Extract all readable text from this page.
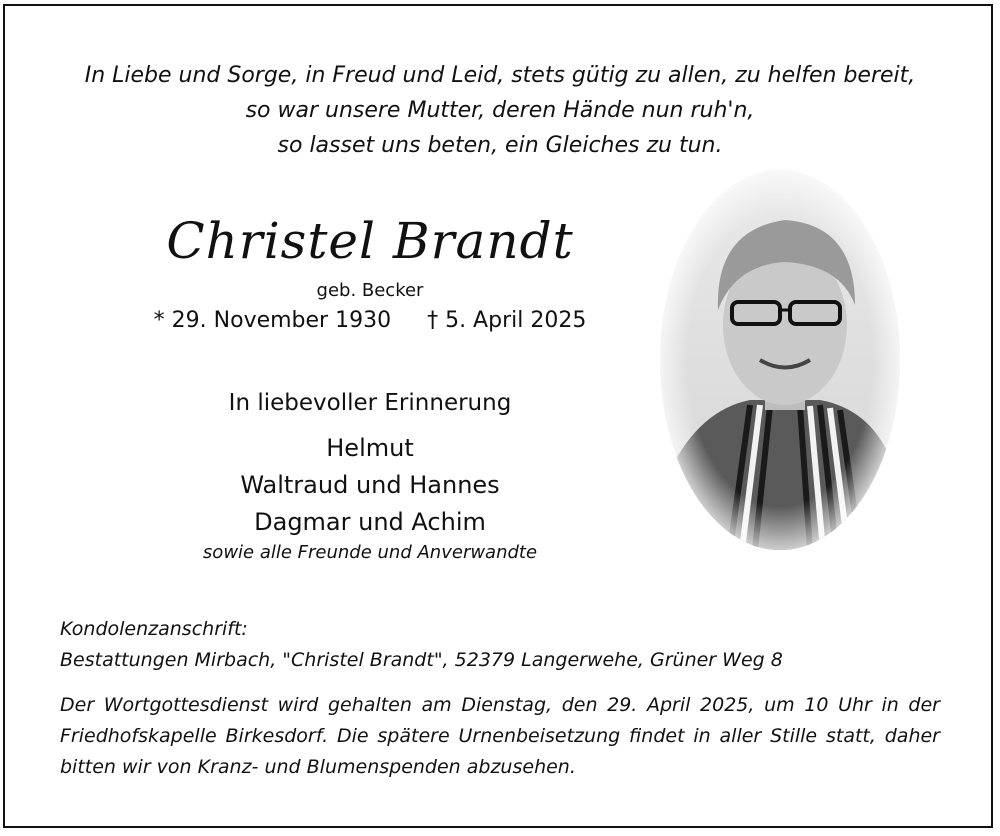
In Liebe und Sorge, in Freud und Leid, stets gütig zu allen, zu helfen bereit,
so war unsere Mutter, deren Hände nun ruh'n,
so lasset uns beten, ein Gleiches zu tun.
Christel Brandt
geb. Becker
* 29. November 1930 † 5. April 2025
In liebevoller Erinnerung
Helmut
Waltraud und Hannes
Dagmar und Achim
sowie alle Freunde und Anverwandte
Kondolenzanschrift:
Bestattungen Mirbach, "Christel Brandt", 52379 Langerwehe, Grüner Weg 8
Der Wortgottesdienst wird gehalten am Dienstag, den 29. April 2025, um 10 Uhr in der Friedhofskapelle Birkesdorf. Die spätere Urnenbeisetzung findet in aller Stille statt, daher bitten wir von Kranz- und Blumenspenden abzusehen.
